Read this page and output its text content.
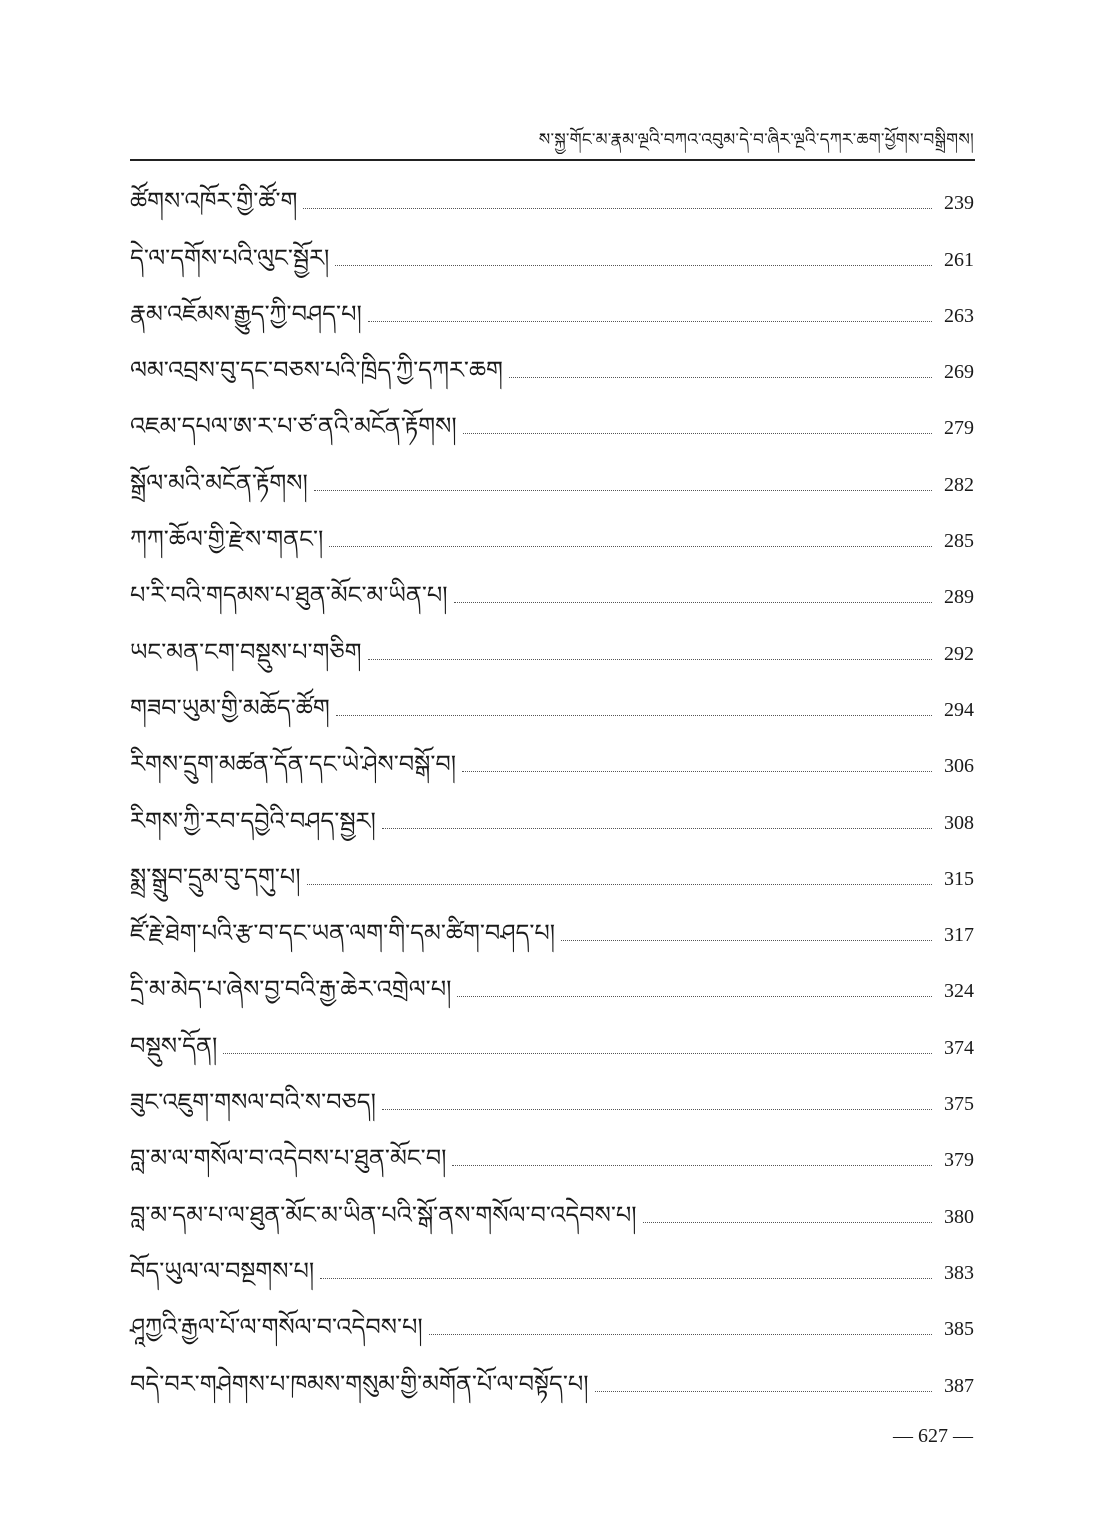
ས་སྐྱ་གོང་མ་རྣམ་ལྔའི་བཀའ་འབུམ་དེ་བ་ཞིར་ལྔའི་དཀར་ཆག་ཕྱོགས་བསྒྲིགས།
ཚོགས་འཁོར་གྱི་ཚོ་ག	239
དེ་ལ་དགོས་པའི་ལུང་སྦྱོར།	261
རྣམ་འཇོམས་རྒྱུད་ཀྱི་བཤད་པ།	263
ལམ་འབྲས་བུ་དང་བཅས་པའི་ཁྲིད་ཀྱི་དཀར་ཆག	269
འཇམ་དཔལ་ཨ་ར་པ་ཙ་ནའི་མངོན་རྟོགས།	279
སྒྲོལ་མའི་མངོན་རྟོགས།	282
ཀཀ་ཆོལ་གྱི་རྫེས་གནང་།	285
པ་རི་བའི་གདམས་པ་ཐུན་མོང་མ་ཡིན་པ།	289
ཡང་མན་ངག་བསྡུས་པ་གཅིག	292
གཟབ་ཡུམ་གྱི་མཆོད་ཚོག	294
རིགས་དྲུག་མཚན་དོན་དང་ཡེ་ཤེས་བསྒོ་བ།	306
རིགས་ཀྱི་རབ་དབྱེའི་བཤད་སྦྱར།	308
སྨྲ་སྒྲུབ་དྲུམ་བུ་དགུ་པ།	315
ཛོ་རྗེ་ཐེག་པའི་རྩ་བ་དང་ཡན་ལག་གི་དམ་ཚིག་བཤད་པ།	317
དྲི་མ་མེད་པ་ཞེས་བྱ་བའི་རྒྱ་ཆེར་འགྲེལ་པ།	324
བསྡུས་དོན།	374
ཟུང་འཇུག་གསལ་བའི་ས་བཅད།	375
བླ་མ་ལ་གསོལ་བ་འདེབས་པ་ཐུན་མོང་བ།	379
བླ་མ་དམ་པ་ལ་ཐུན་མོང་མ་ཡིན་པའི་སྒོ་ནས་གསོལ་བ་འདེབས་པ།	380
བོད་ཡུལ་ལ་བསྔགས་པ།	383
ཤཱཀྱའི་རྒྱལ་པོ་ལ་གསོལ་བ་འདེབས་པ།	385
བདེ་བར་གཤེགས་པ་ཁམས་གསུམ་གྱི་མགོན་པོ་ལ་བསྟོད་པ།	387
— 627 —
